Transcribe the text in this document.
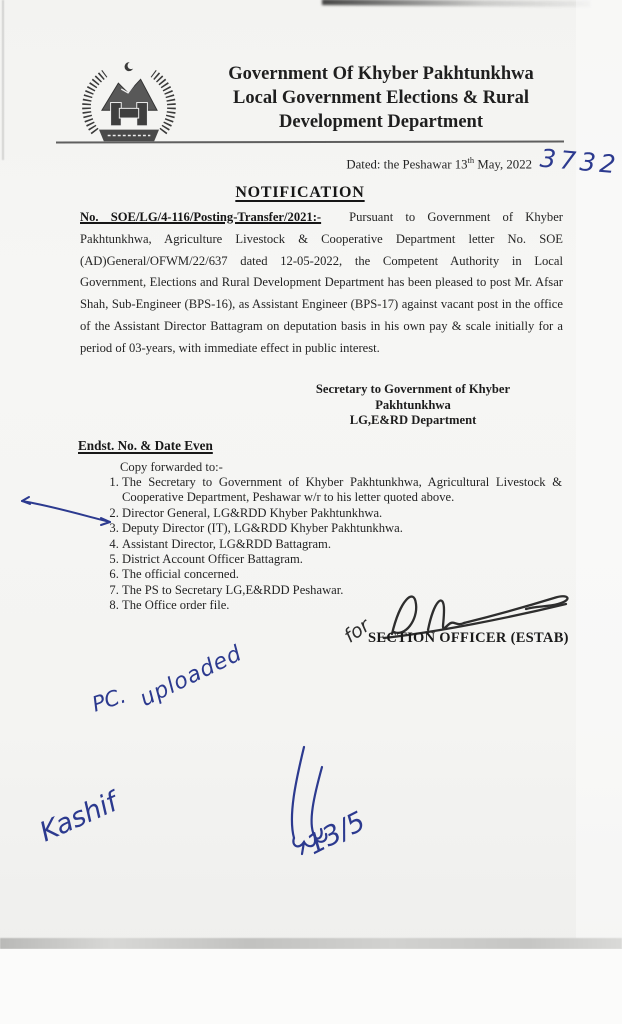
Government Of Khyber Pakhtunkhwa
Local Government Elections & Rural
Development Department
Dated: the Peshawar 13th May, 2022 3732
NOTIFICATION
No. SOE/LG/4-116/Posting-Transfer/2021:- Pursuant to Government of Khyber Pakhtunkhwa, Agriculture Livestock & Cooperative Department letter No. SOE (AD)General/OFWM/22/637 dated 12-05-2022, the Competent Authority in Local Government, Elections and Rural Development Department has been pleased to post Mr. Afsar Shah, Sub-Engineer (BPS-16), as Assistant Engineer (BPS-17) against vacant post in the office of the Assistant Director Battagram on deputation basis in his own pay & scale initially for a period of 03-years, with immediate effect in public interest.
Secretary to Government of Khyber Pakhtunkhwa
LG,E&RD Department
Endst. No. & Date Even
Copy forwarded to:-
1. The Secretary to Government of Khyber Pakhtunkhwa, Agricultural Livestock & Cooperative Department, Peshawar w/r to his letter quoted above.
2. Director General, LG&RDD Khyber Pakhtunkhwa.
3. Deputy Director (IT), LG&RDD Khyber Pakhtunkhwa.
4. Assistant Director, LG&RDD Battagram.
5. District Account Officer Battagram.
6. The official concerned.
7. The PS to Secretary LG,E&RDD Peshawar.
8. The Office order file.
for
SECTION OFFICER (ESTAB)
PC. uploaded
Kashif	13/5
